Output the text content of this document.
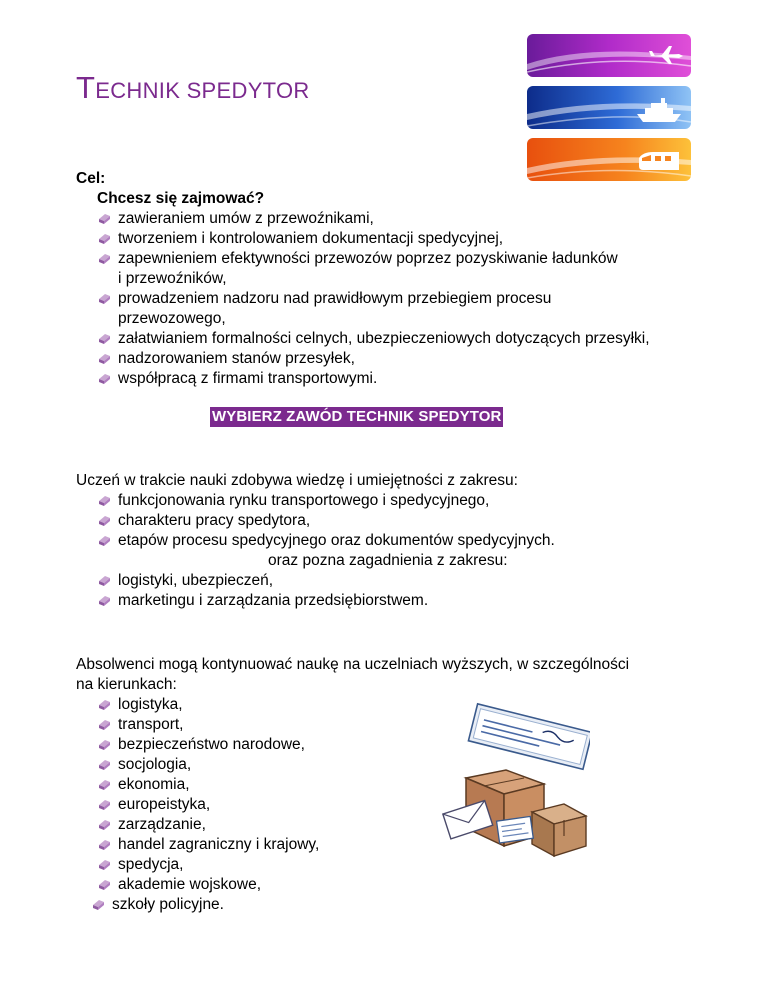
TECHNIK SPEDYTOR
Cel:
Chcesz się zajmować?
zawieraniem umów z przewoźnikami,
tworzeniem i kontrolowaniem dokumentacji spedycyjnej,
zapewnieniem efektywności przewozów poprzez pozyskiwanie ładunków
i przewoźników,
prowadzeniem nadzoru nad prawidłowym przebiegiem procesu
przewozowego,
załatwianiem formalności celnych, ubezpieczeniowych dotyczących przesyłki,
nadzorowaniem stanów przesyłek,
współpracą z firmami transportowymi.
WYBIERZ ZAWÓD TECHNIK SPEDYTOR
Uczeń w trakcie nauki zdobywa wiedzę i umiejętności z zakresu:
funkcjonowania rynku transportowego i spedycyjnego,
charakteru pracy spedytora,
etapów procesu spedycyjnego oraz dokumentów spedycyjnych.
oraz pozna zagadnienia z zakresu:
logistyki, ubezpieczeń,
marketingu i zarządzania przedsiębiorstwem.
Absolwenci mogą kontynuować naukę na uczelniach wyższych, w szczególności
na kierunkach:
logistyka,
transport,
bezpieczeństwo narodowe,
socjologia,
ekonomia,
europeistyka,
zarządzanie,
handel zagraniczny i krajowy,
spedycja,
akademie wojskowe,
szkoły policyjne.
